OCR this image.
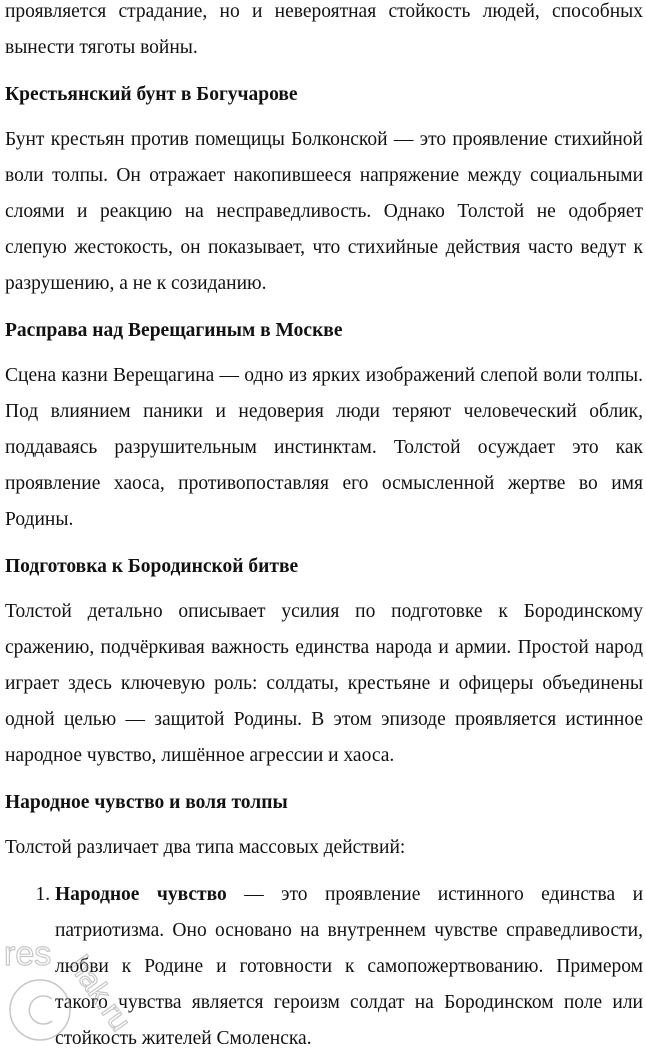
проявляется страдание, но и невероятная стойкость людей, способных вынести тяготы войны.

Крестьянский бунт в Богучарове

Бунт крестьян против помещицы Болконской — это проявление стихийной воли толпы. Он отражает накопившееся напряжение между социальными слоями и реакцию на несправедливость. Однако Толстой не одобряет слепую жестокость, он показывает, что стихийные действия часто ведут к разрушению, а не к созиданию.

Расправа над Верещагиным в Москве

Сцена казни Верещагина — одно из ярких изображений слепой воли толпы. Под влиянием паники и недоверия люди теряют человеческий облик, поддаваясь разрушительным инстинктам. Толстой осуждает это как проявление хаоса, противопоставляя его осмысленной жертве во имя Родины.

Подготовка к Бородинской битве

Толстой детально описывает усилия по подготовке к Бородинскому сражению, подчёркивая важность единства народа и армии. Простой народ играет здесь ключевую роль: солдаты, крестьяне и офицеры объединены одной целью — защитой Родины. В этом эпизоде проявляется истинное народное чувство, лишённое агрессии и хаоса.

Народное чувство и воля толпы

Толстой различает два типа массовых действий:

1. Народное чувство — это проявление истинного единства и патриотизма. Оно основано на внутреннем чувстве справедливости, любви к Родине и готовности к самопожертвованию. Примером такого чувства является героизм солдат на Бородинском поле или стойкость жителей Смоленска.
res hak.ru
